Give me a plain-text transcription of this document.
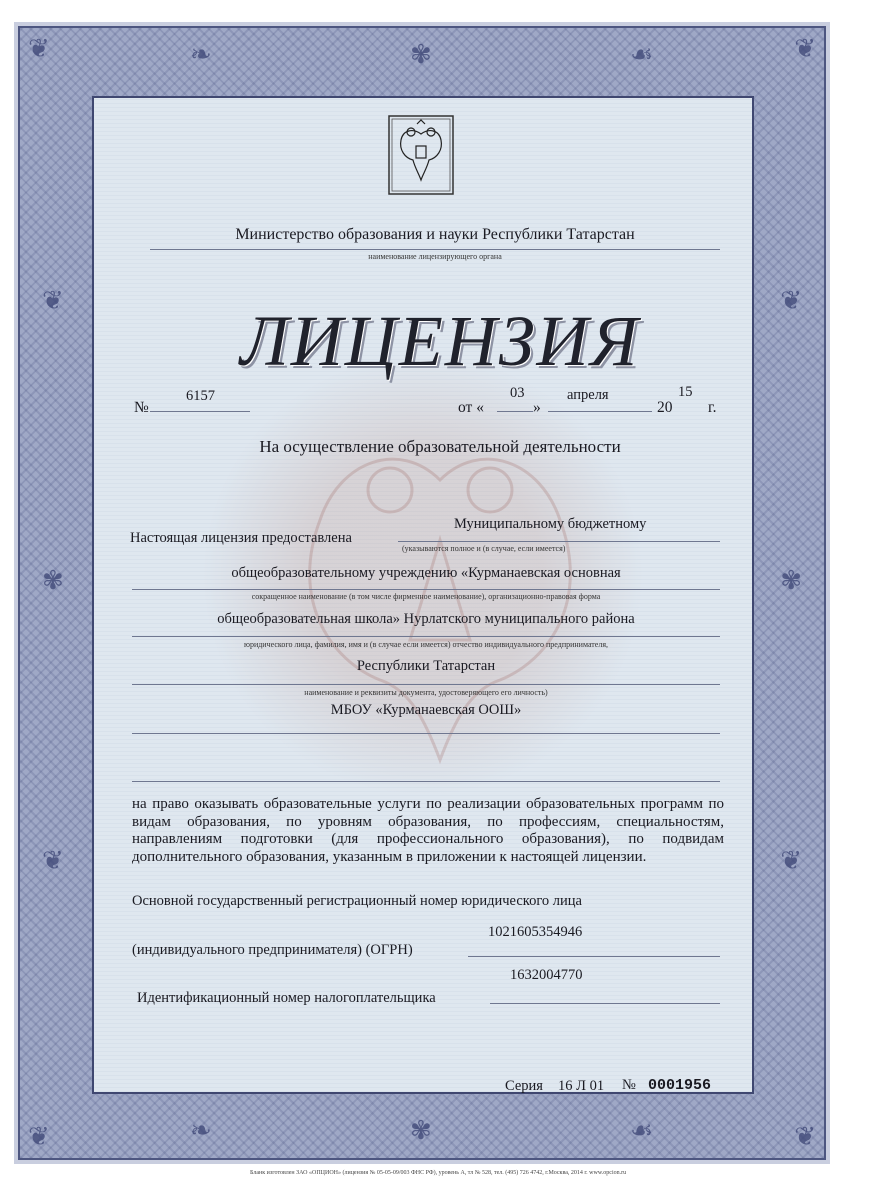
❦	❦
❦	❦
❧	✾	☙
❧	✾	☙
❦
✾
❦
❦
✾
❦
Министерство образования и науки Республики Татарстан
наименование лицензирующего органа
ЛИЦЕНЗИЯ
№
6157
от «
03
»
апреля
20
15
г.
На осуществление образовательной деятельности
Муниципальному бюджетному
Настоящая лицензия предоставлена
(указываются полное и (в случае, если имеется)
общеобразовательному учреждению «Курманаевская основная
сокращенное наименование (в том числе фирменное наименование), организационно-правовая форма
общеобразовательная школа» Нурлатского муниципального района
юридического лица, фамилия, имя и (в случае если имеется) отчество индивидуального предпринимателя,
Республики Татарстан
наименование и реквизиты документа, удостоверяющего его личность)
МБОУ «Курманаевская ООШ»
на право оказывать образовательные услуги по реализации образовательных программ по видам образования, по уровням образования, по профессиям, специальностям, направлениям подготовки (для профессионального образования), по подвидам дополнительного образования, указанным в приложении к настоящей лицензии.
Основной государственный регистрационный номер юридического лица
1021605354946
(индивидуального предпринимателя) (ОГРН)
1632004770
Идентификационный номер налогоплательщика
Серия 16 Л 01 № 0001956
Бланк изготовлен ЗАО «ОПЦИОН» (лицензия № 05-05-09/003 ФНС РФ), уровень А, тл № 528, тел. (495) 726 4742, г.Москва, 2014 г. www.opcion.ru
